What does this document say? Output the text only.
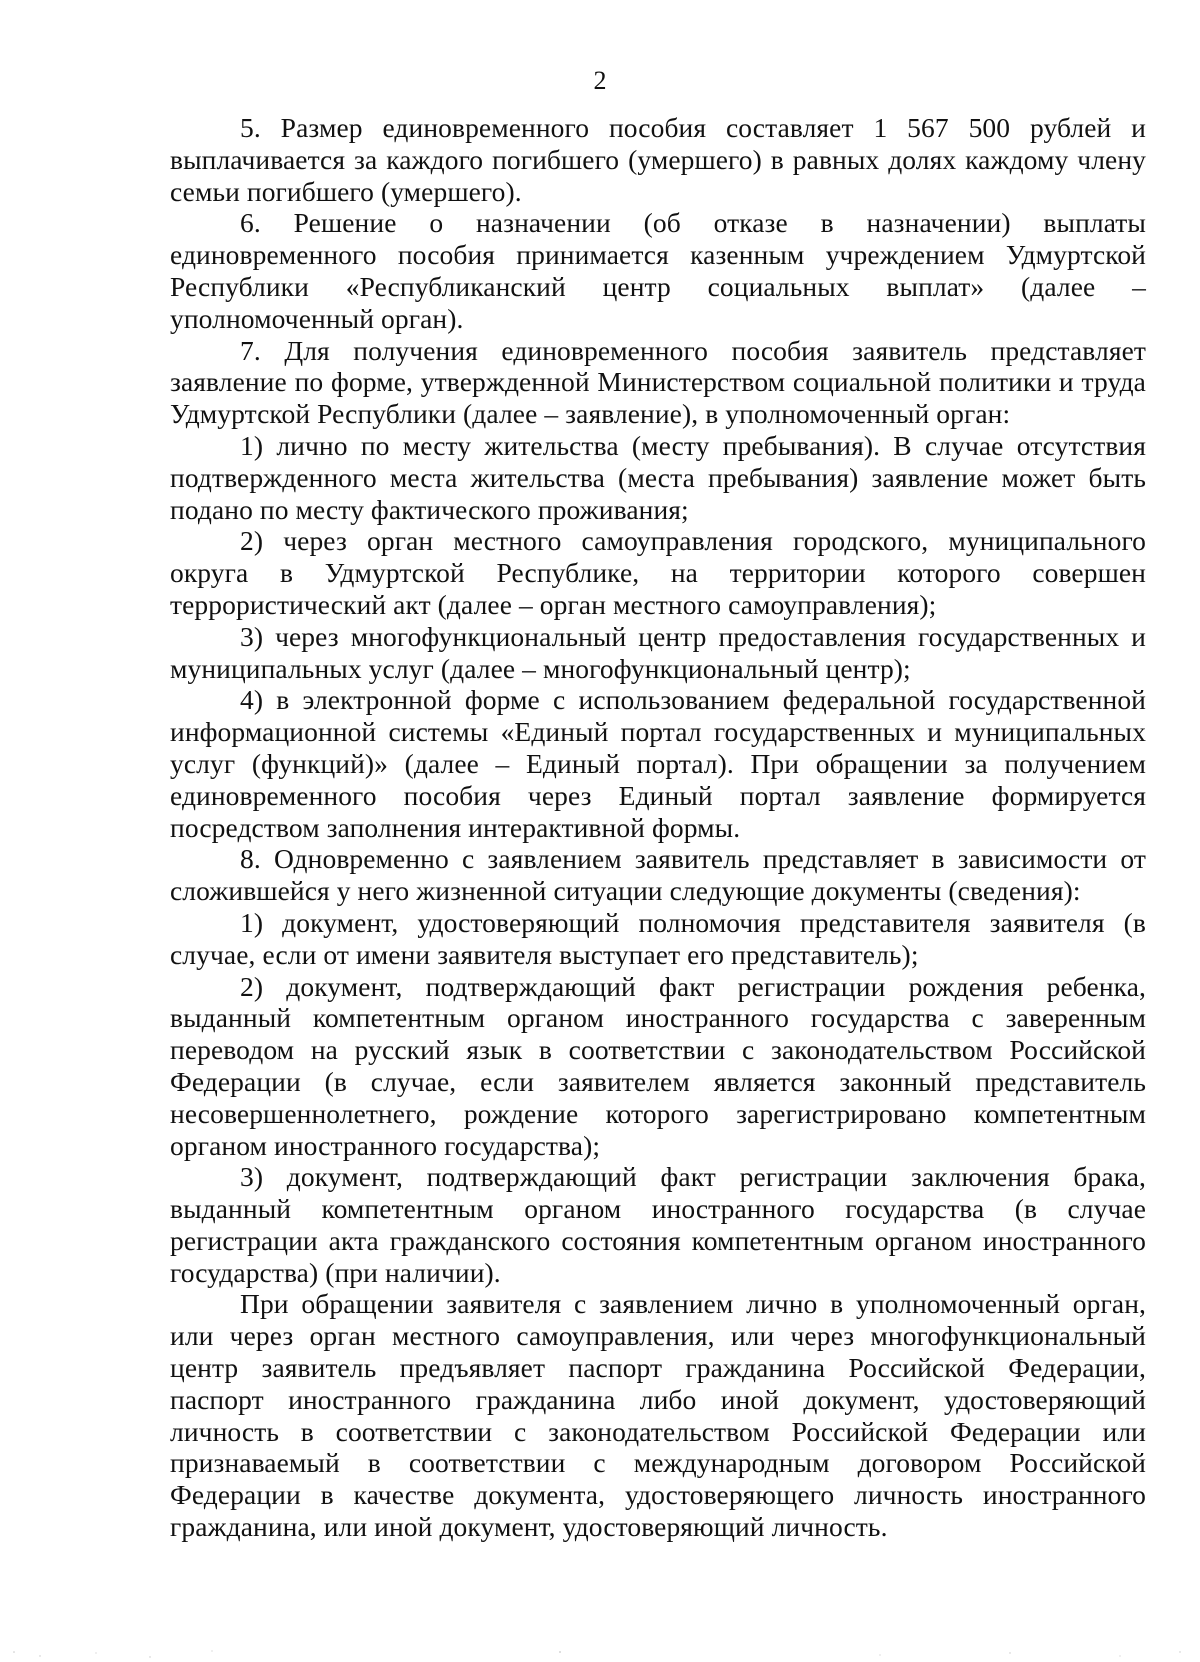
2

5. Размер единовременного пособия составляет 1 567 500 рублей и выплачивается за каждого погибшего (умершего) в равных долях каждому члену семьи погибшего (умершего).

6. Решение о назначении (об отказе в назначении) выплаты единовременного пособия принимается казенным учреждением Удмуртской Республики «Республиканский центр социальных выплат» (далее – уполномоченный орган).

7. Для получения единовременного пособия заявитель представляет заявление по форме, утвержденной Министерством социальной политики и труда Удмуртской Республики (далее – заявление), в уполномоченный орган:

1) лично по месту жительства (месту пребывания). В случае отсутствия подтвержденного места жительства (места пребывания) заявление может быть подано по месту фактического проживания;

2) через орган местного самоуправления городского, муниципального округа в Удмуртской Республике, на территории которого совершен террористический акт (далее – орган местного самоуправления);

3) через многофункциональный центр предоставления государственных и муниципальных услуг (далее – многофункциональный центр);

4) в электронной форме с использованием федеральной государственной информационной системы «Единый портал государственных и муниципальных услуг (функций)» (далее – Единый портал). При обращении за получением единовременного пособия через Единый портал заявление формируется посредством заполнения интерактивной формы.

8. Одновременно с заявлением заявитель представляет в зависимости от сложившейся у него жизненной ситуации следующие документы (сведения):

1) документ, удостоверяющий полномочия представителя заявителя (в случае, если от имени заявителя выступает его представитель);

2) документ, подтверждающий факт регистрации рождения ребенка, выданный компетентным органом иностранного государства с заверенным переводом на русский язык в соответствии с законодательством Российской Федерации (в случае, если заявителем является законный представитель несовершеннолетнего, рождение которого зарегистрировано компетентным органом иностранного государства);

3) документ, подтверждающий факт регистрации заключения брака, выданный компетентным органом иностранного государства (в случае регистрации акта гражданского состояния компетентным органом иностранного государства) (при наличии).

При обращении заявителя с заявлением лично в уполномоченный орган, или через орган местного самоуправления, или через многофункциональный центр заявитель предъявляет паспорт гражданина Российской Федерации, паспорт иностранного гражданина либо иной документ, удостоверяющий личность в соответствии с законодательством Российской Федерации или признаваемый в соответствии с международным договором Российской Федерации в качестве документа, удостоверяющего личность иностранного гражданина, или иной документ, удостоверяющий личность.
